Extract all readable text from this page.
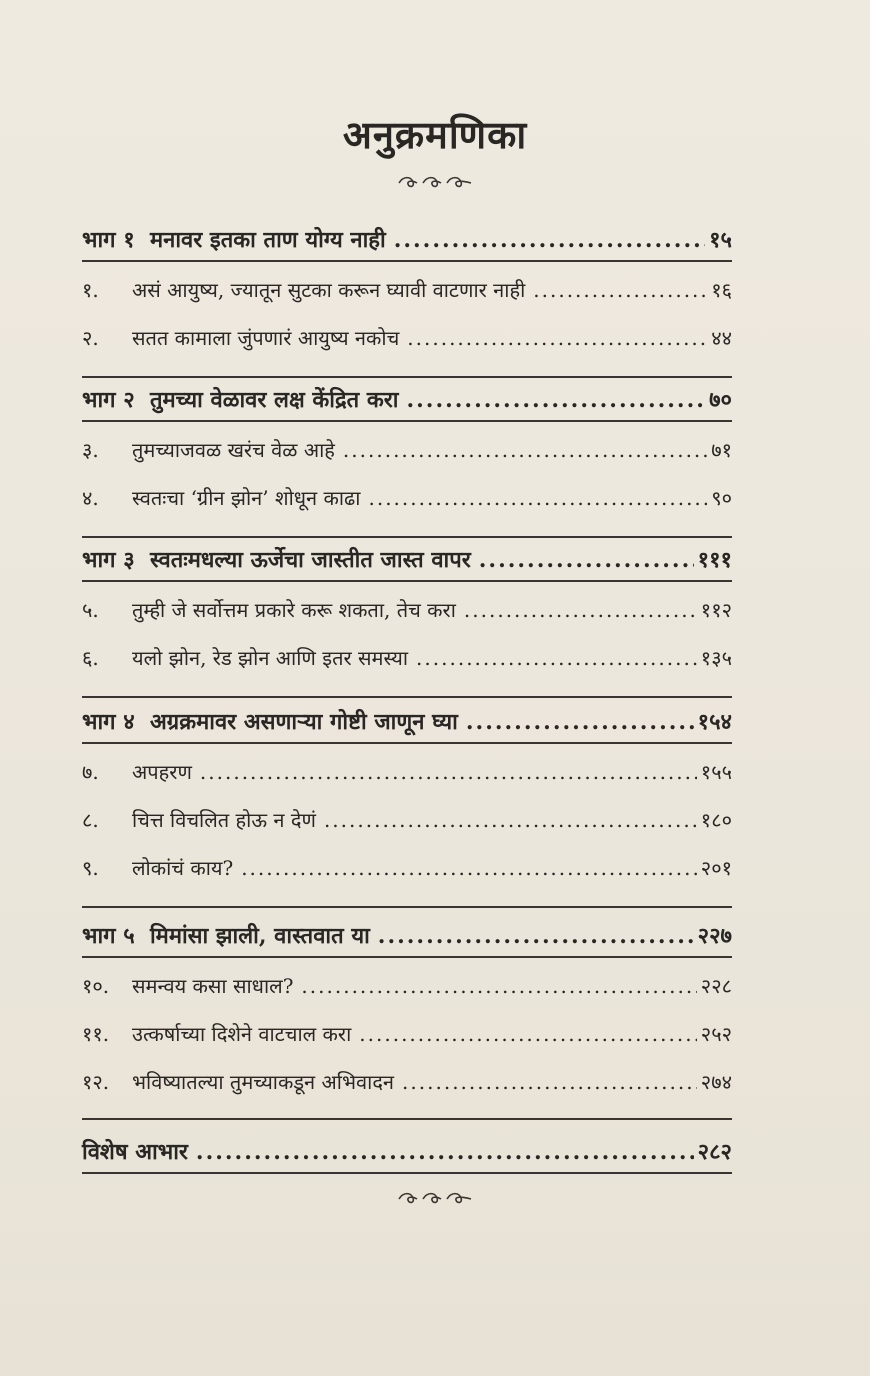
अनुक्रमणिका
भाग १ मनावर इतका ताण योग्य नाही .....	१५
१.	असं आयुष्य, ज्यातून सुटका करून घ्यावी वाटणार नाही .....	१६
२.	सतत कामाला जुंपणारं आयुष्य नकोच .....	४४
भाग २ तुमच्या वेळावर लक्ष केंद्रित करा .....	७०
३.	तुमच्याजवळ खरंच वेळ आहे .....	७१
४.	स्वतःचा ‘ग्रीन झोन’ शोधून काढा .....	९०
भाग ३ स्वतःमधल्या ऊर्जेचा जास्तीत जास्त वापर .....	१११
५.	तुम्ही जे सर्वोत्तम प्रकारे करू शकता, तेच करा .....	११२
६.	यलो झोन, रेड झोन आणि इतर समस्या .....	१३५
भाग ४ अग्रक्रमावर असणाऱ्या गोष्टी जाणून घ्या .....	१५४
७.	अपहरण .....	१५५
८.	चित्त विचलित होऊ न देणं .....	१८०
९.	लोकांचं काय? .....	२०१
भाग ५ मिमांसा झाली, वास्तवात या .....	२२७
१०.	समन्वय कसा साधाल? .....	२२८
११.	उत्कर्षाच्या दिशेने वाटचाल करा .....	२५२
१२.	भविष्यातल्या तुमच्याकडून अभिवादन .....	२७४
विशेष आभार .....	२८२
